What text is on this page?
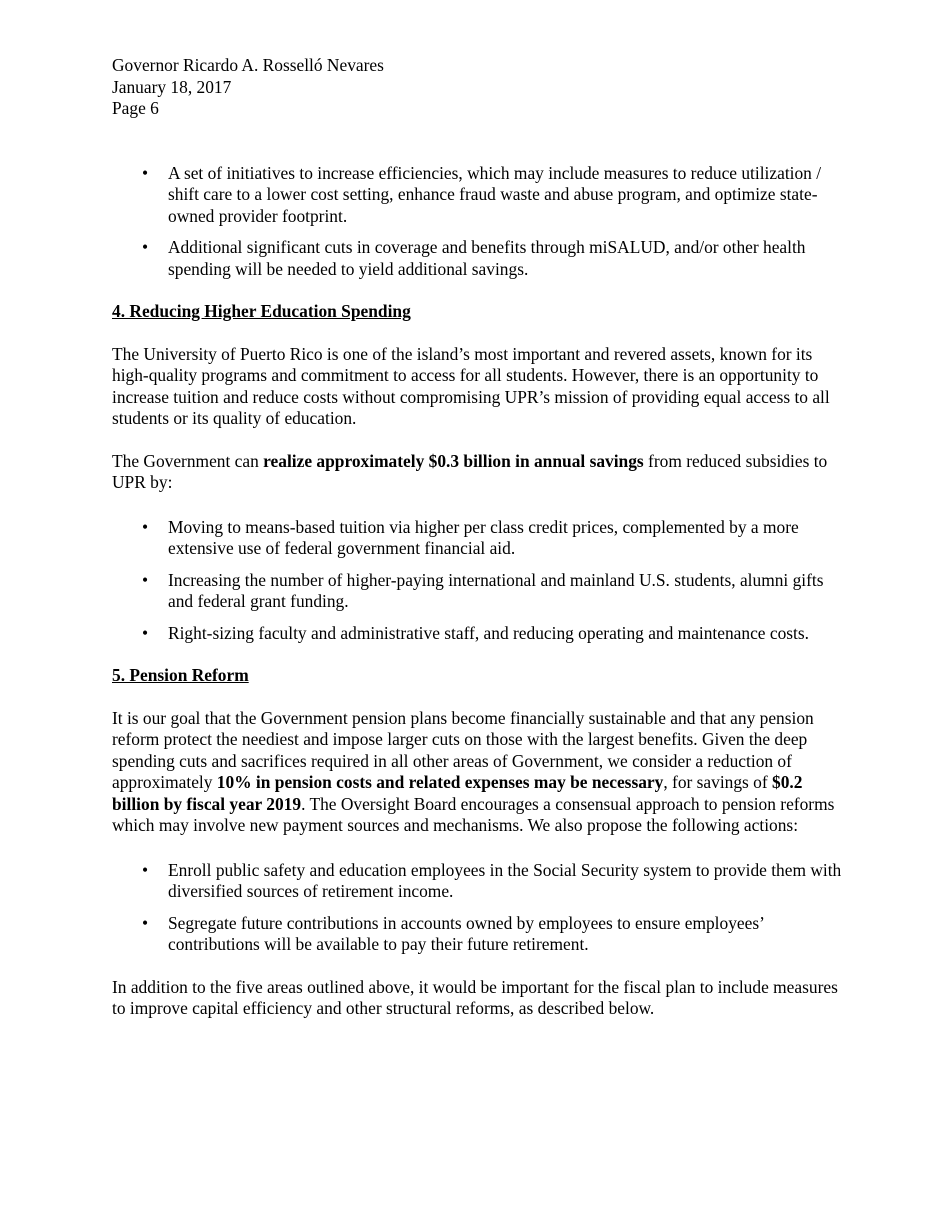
Governor Ricardo A. Rosselló Nevares

January 18, 2017

Page 6

• A set of initiatives to increase efficiencies, which may include measures to reduce utilization / shift care to a lower cost setting, enhance fraud waste and abuse program, and optimize state-owned provider footprint.
• Additional significant cuts in coverage and benefits through miSALUD, and/or other health spending will be needed to yield additional savings.
4. Reducing Higher Education Spending

The University of Puerto Rico is one of the island’s most important and revered assets, known for its high-quality programs and commitment to access for all students. However, there is an opportunity to increase tuition and reduce costs without compromising UPR’s mission of providing equal access to all students or its quality of education.

The Government can realize approximately $0.3 billion in annual savings from reduced subsidies to UPR by:

• Moving to means-based tuition via higher per class credit prices, complemented by a more extensive use of federal government financial aid.
• Increasing the number of higher-paying international and mainland U.S. students, alumni gifts and federal grant funding.
• Right-sizing faculty and administrative staff, and reducing operating and maintenance costs.
5. Pension Reform

It is our goal that the Government pension plans become financially sustainable and that any pension reform protect the neediest and impose larger cuts on those with the largest benefits. Given the deep spending cuts and sacrifices required in all other areas of Government, we consider a reduction of approximately 10% in pension costs and related expenses may be necessary, for savings of $0.2 billion by fiscal year 2019. The Oversight Board encourages a consensual approach to pension reforms which may involve new payment sources and mechanisms. We also propose the following actions:

• Enroll public safety and education employees in the Social Security system to provide them with diversified sources of retirement income.
• Segregate future contributions in accounts owned by employees to ensure employees’ contributions will be available to pay their future retirement.

In addition to the five areas outlined above, it would be important for the fiscal plan to include measures to improve capital efficiency and other structural reforms, as described below.
